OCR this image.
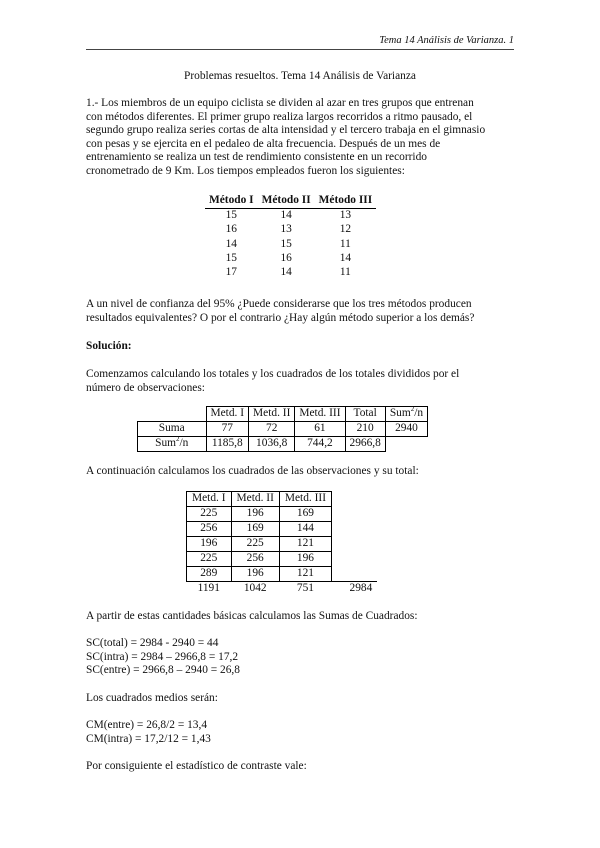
Tema 14 Análisis de Varianza. 1
Problemas resueltos. Tema 14 Análisis de Varianza
1.- Los miembros de un equipo ciclista se dividen al azar en tres grupos que entrenan
con métodos diferentes. El primer grupo realiza largos recorridos a ritmo pausado, el
segundo grupo realiza series cortas de alta intensidad y el tercero trabaja en el gimnasio
con pesas y se ejercita en el pedaleo de alta frecuencia. Después de un mes de
entrenamiento se realiza un test de rendimiento consistente en un recorrido
cronometrado de 9 Km. Los tiempos empleados fueron los siguientes:
Método I	Método II	Método III
15	14	13
16	13	12
14	15	11
15	16	14
17	14	11
A un nivel de confianza del 95% ¿Puede considerarse que los tres métodos producen
resultados equivalentes? O por el contrario ¿Hay algún método superior a los demás?
Solución:
Comenzamos calculando los totales y los cuadrados de los totales divididos por el
número de observaciones:
	Metd. I	Metd. II	Metd. III	Total	Sum$^2$/n
Suma	77	72	61	210	2940
Sum$^2$/n	1185,8	1036,8	744,2	2966,8	
A continuación calculamos los cuadrados de las observaciones y su total:
Metd. I	Metd. II	Metd. III	
225	196	169	
256	169	144	
196	225	121	
225	256	196	
289	196	121	
1191	1042	751	2984
A partir de estas cantidades básicas calculamos las Sumas de Cuadrados:
SC(total) = 2984 - 2940 = 44
SC(intra) = 2984 – 2966,8 = 17,2
SC(entre) = 2966,8 – 2940 = 26,8
Los cuadrados medios serán:
CM(entre) = 26,8/2 = 13,4
CM(intra) = 17,2/12 = 1,43
Por consiguiente el estadístico de contraste vale:
